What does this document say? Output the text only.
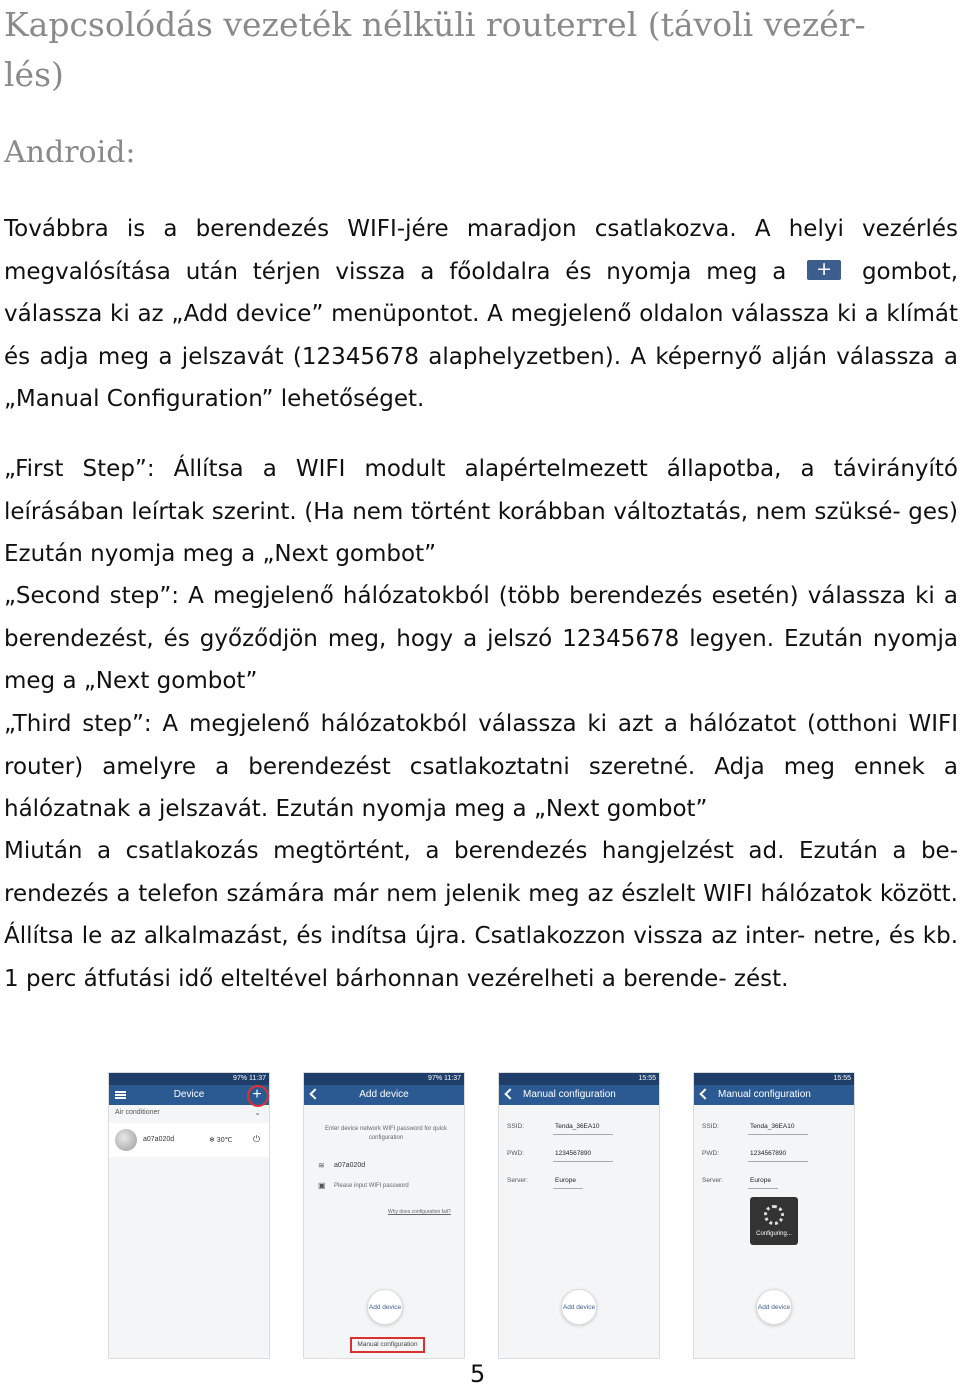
Kapcsolódás vezeték nélküli routerrel (távoli vezér- lés)
Android:

Továbbra is a berendezés WIFI-jére maradjon csatlakozva. A helyi vezérlés megvalósítása után térjen vissza a főoldalra és nyomja meg a + gombot, válassza ki az „Add device” menüpontot. A megjelenő oldalon válassza ki a klímát és adja meg a jelszavát (12345678 alaphelyzetben). A képernyő alján válassza a „Manual Configuration” lehetőséget.

„First Step”: Állítsa a WIFI modult alapértelmezett állapotba, a távirányító leírásában leírtak szerint. (Ha nem történt korábban változtatás, nem szüksé- ges) Ezután nyomja meg a „Next gombot”

„Second step”: A megjelenő hálózatokból (több berendezés esetén) válassza ki a berendezést, és győződjön meg, hogy a jelszó 12345678 legyen. Ezután nyomja meg a „Next gombot”

„Third step”: A megjelenő hálózatokból válassza ki azt a hálózatot (otthoni WIFI router) amelyre a berendezést csatlakoztatni szeretné. Adja meg ennek a hálózatnak a jelszavát. Ezután nyomja meg a „Next gombot”

Miután a csatlakozás megtörtént, a berendezés hangjelzést ad. Ezután a be- rendezés a telefon számára már nem jelenik meg az észlelt WIFI hálózatok között. Állítsa le az alkalmazást, és indítsa újra. Csatlakozzon vissza az inter- netre, és kb. 1 perc átfutási idő elteltével bárhonnan vezérelheti a berende- zést.

97% 11:37
Device	+
Air conditioner	⌄
a07a020d	❄ 30℃ ⏻
97% 11:37
Add device
Enter device network WIFI password for quick configuration
≋ a07a020d
▣ Please input WIFI password
Why does configuration fail?
Add device
Manual configuration
15:55
Manual configuration
SSID:	Tenda_36EA10
PWD:	1234567890
Server:	Europe
Add device
15:55
Manual configuration
SSID:	Tenda_36EA10
PWD:	1234567890
Server:	Europe
Configuring...
Add device
5
